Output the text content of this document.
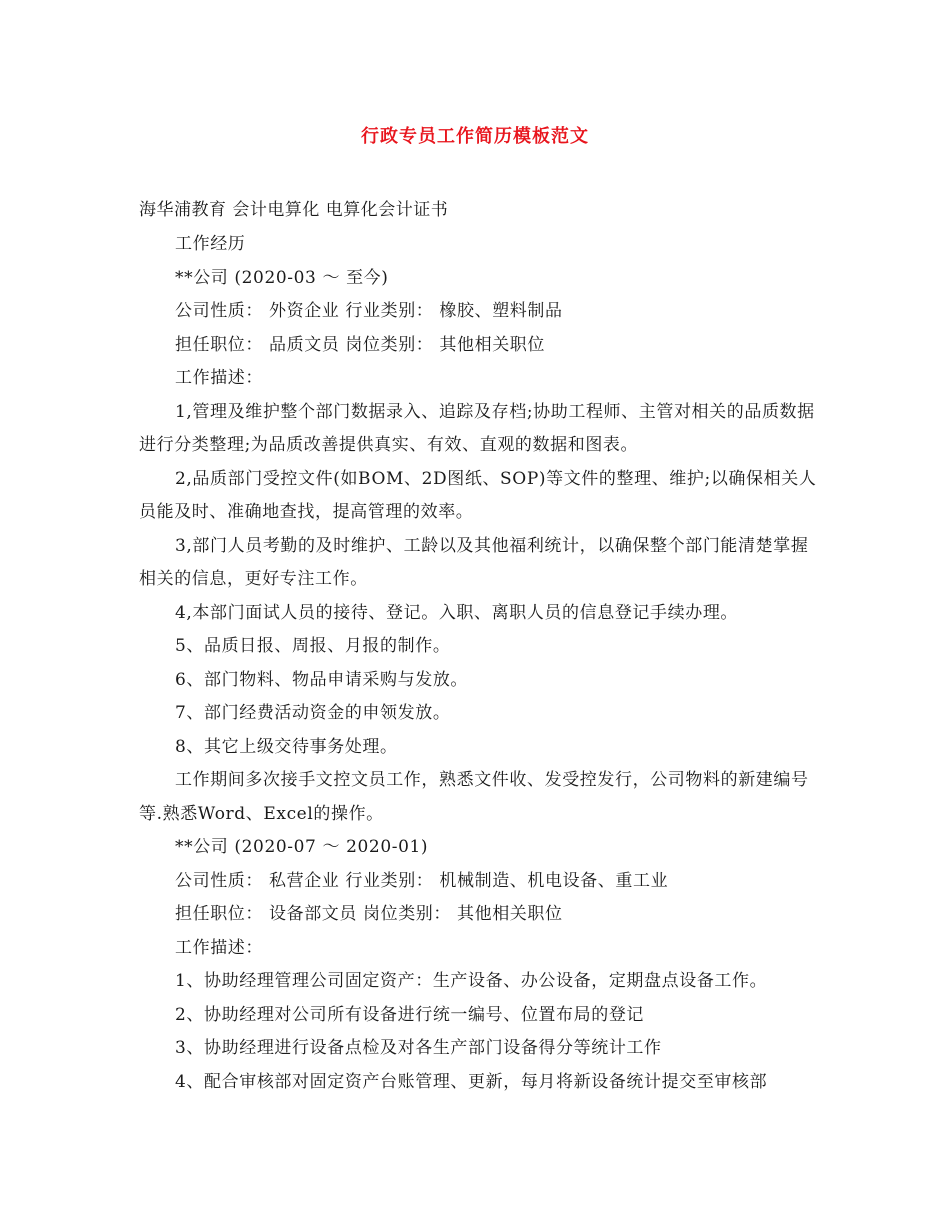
行政专员工作简历模板范文
海华浦教育 会计电算化 电算化会计证书

工作经历

**公司 (2020-03 ～ 至今)

公司性质： 外资企业 行业类别： 橡胶、塑料制品

担任职位： 品质文员 岗位类别： 其他相关职位

工作描述：

1,管理及维护整个部门数据录入、追踪及存档;协助工程师、主管对相关的品质数据进行分类整理;为品质改善提供真实、有效、直观的数据和图表。

2,品质部门受控文件(如BOM、2D图纸、SOP)等文件的整理、维护;以确保相关人员能及时、准确地查找，提高管理的效率。

3,部门人员考勤的及时维护、工龄以及其他福利统计，以确保整个部门能清楚掌握相关的信息，更好专注工作。

4,本部门面试人员的接待、登记。入职、离职人员的信息登记手续办理。

5、品质日报、周报、月报的制作。

6、部门物料、物品申请采购与发放。

7、部门经费活动资金的申领发放。

8、其它上级交待事务处理。

工作期间多次接手文控文员工作，熟悉文件收、发受控发行，公司物料的新建编号等.熟悉Word、Excel的操作。

**公司 (2020-07 ～ 2020-01)

公司性质： 私营企业 行业类别： 机械制造、机电设备、重工业

担任职位： 设备部文员 岗位类别： 其他相关职位

工作描述：

1、协助经理管理公司固定资产：生产设备、办公设备，定期盘点设备工作。

2、协助经理对公司所有设备进行统一编号、位置布局的登记

3、协助经理进行设备点检及对各生产部门设备得分等统计工作

4、配合审核部对固定资产台账管理、更新，每月将新设备统计提交至审核部
